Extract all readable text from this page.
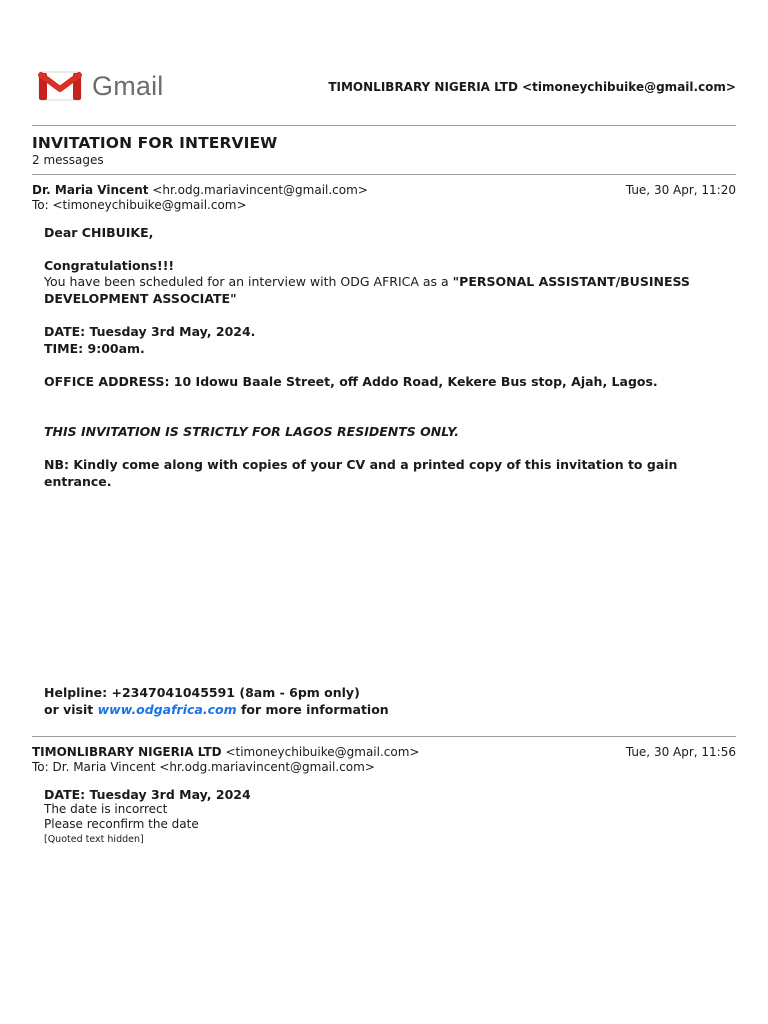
Gmail	TIMONLIBRARY NIGERIA LTD <timoneychibuike@gmail.com>
INVITATION FOR INTERVIEW
2 messages
Dr. Maria Vincent <hr.odg.mariavincent@gmail.com>	Tue, 30 Apr, 11:20
To: <timoneychibuike@gmail.com>
Dear CHIBUIKE,
Congratulations!!!
You have been scheduled for an interview with ODG AFRICA as a "PERSONAL ASSISTANT/BUSINESS
DEVELOPMENT ASSOCIATE"
DATE: Tuesday 3rd May, 2024.
TIME: 9:00am.
OFFICE ADDRESS: 10 Idowu Baale Street, off Addo Road, Kekere Bus stop, Ajah, Lagos.
THIS INVITATION IS STRICTLY FOR LAGOS RESIDENTS ONLY.
NB: Kindly come along with copies of your CV and a printed copy of this invitation to gain
entrance.
Helpline: +2347041045591 (8am - 6pm only)
or visit www.odgafrica.com for more information
TIMONLIBRARY NIGERIA LTD <timoneychibuike@gmail.com>	Tue, 30 Apr, 11:56
To: Dr. Maria Vincent <hr.odg.mariavincent@gmail.com>
DATE: Tuesday 3rd May, 2024
The date is incorrect
Please reconfirm the date
[Quoted text hidden]
